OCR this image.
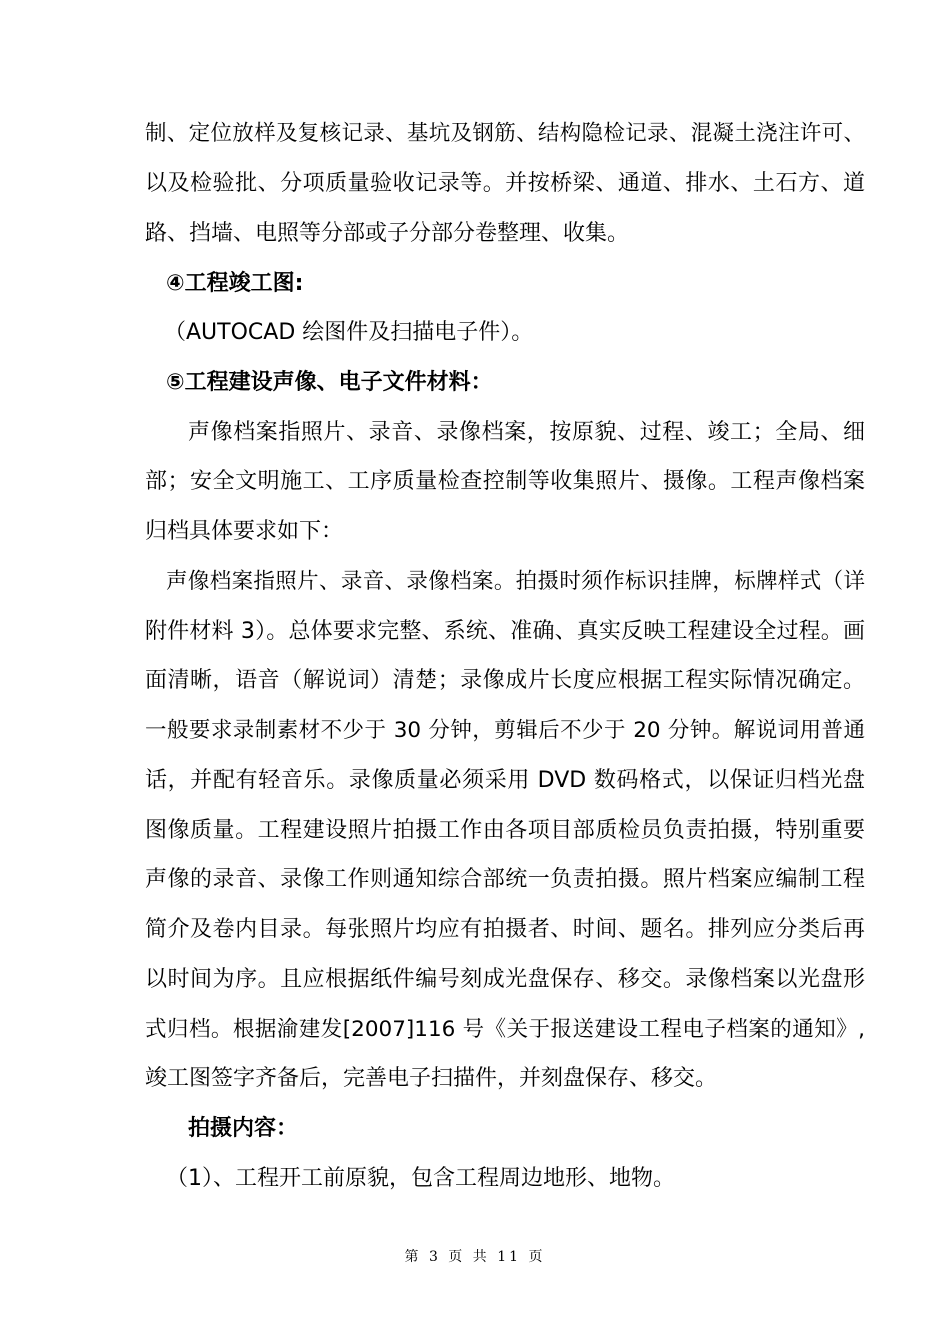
制、定位放样及复核记录、基坑及钢筋、结构隐检记录、混凝土浇注许可、
以及检验批、分项质量验收记录等。并按桥梁、通道、排水、土石方、道
路、挡墙、电照等分部或子分部分卷整理、收集。
④工程竣工图:
（AUTOCAD 绘图件及扫描电子件）。
⑤工程建设声像、电子文件材料：
声像档案指照片、录音、录像档案，按原貌、过程、竣工；全局、细
部；安全文明施工、工序质量检查控制等收集照片、摄像。工程声像档案
归档具体要求如下：
声像档案指照片、录音、录像档案。拍摄时须作标识挂牌，标牌样式（详
附件材料 3）。总体要求完整、系统、准确、真实反映工程建设全过程。画
面清晰，语音（解说词）清楚；录像成片长度应根据工程实际情况确定。
一般要求录制素材不少于 30 分钟，剪辑后不少于 20 分钟。解说词用普通
话，并配有轻音乐。录像质量必须采用 DVD 数码格式，以保证归档光盘
图像质量。工程建设照片拍摄工作由各项目部质检员负责拍摄，特别重要
声像的录音、录像工作则通知综合部统一负责拍摄。照片档案应编制工程
简介及卷内目录。每张照片均应有拍摄者、时间、题名。排列应分类后再
以时间为序。且应根据纸件编号刻成光盘保存、移交。录像档案以光盘形
式归档。根据渝建发[2007]116 号《关于报送建设工程电子档案的通知》,
竣工图签字齐备后，完善电子扫描件，并刻盘保存、移交。
拍摄内容：
（1）、工程开工前原貌，包含工程周边地形、地物。
第 3 页 共 11 页
